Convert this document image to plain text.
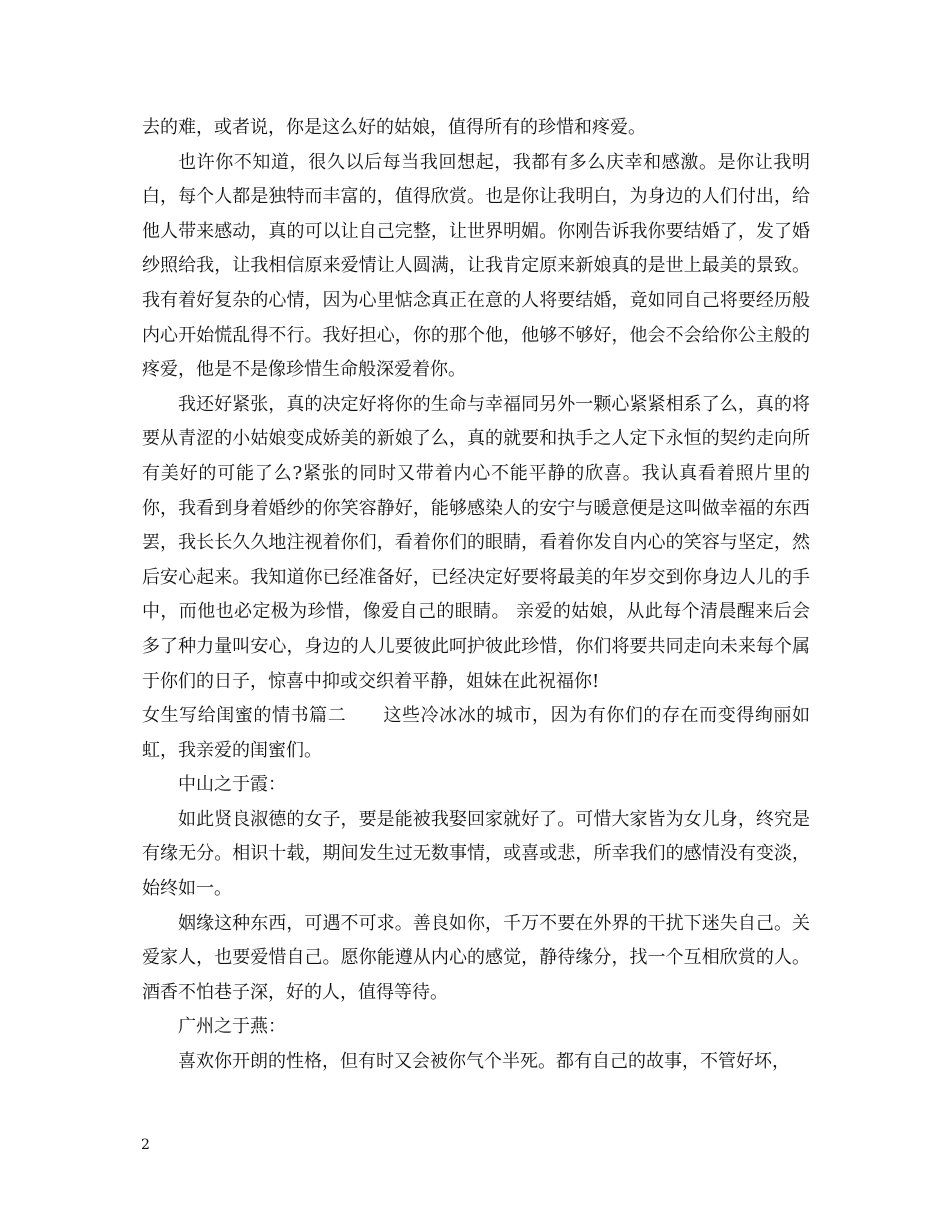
去的难，或者说，你是这么好的姑娘，值得所有的珍惜和疼爱。

也许你不知道，很久以后每当我回想起，我都有多么庆幸和感激。是你让我明白，每个人都是独特而丰富的，值得欣赏。也是你让我明白，为身边的人们付出，给他人带来感动，真的可以让自己完整，让世界明媚。你刚告诉我你要结婚了，发了婚纱照给我，让我相信原来爱情让人圆满，让我肯定原来新娘真的是世上最美的景致。 我有着好复杂的心情，因为心里惦念真正在意的人将要结婚，竟如同自己将要经历般内心开始慌乱得不行。我好担心，你的那个他，他够不够好，他会不会给你公主般的疼爱，他是不是像珍惜生命般深爱着你。

我还好紧张，真的决定好将你的生命与幸福同另外一颗心紧紧相系了么，真的将要从青涩的小姑娘变成娇美的新娘了么，真的就要和执手之人定下永恒的契约走向所有美好的可能了么?紧张的同时又带着内心不能平静的欣喜。我认真看着照片里的你，我看到身着婚纱的你笑容静好，能够感染人的安宁与暖意便是这叫做幸福的东西罢，我长长久久地注视着你们，看着你们的眼睛，看着你发自内心的笑容与坚定，然后安心起来。我知道你已经准备好，已经决定好要将最美的年岁交到你身边人儿的手中，而他也必定极为珍惜，像爱自己的眼睛。 亲爱的姑娘，从此每个清晨醒来后会多了种力量叫安心，身边的人儿要彼此呵护彼此珍惜，你们将要共同走向未来每个属于你们的日子，惊喜中抑或交织着平静，姐妹在此祝福你!

女生写给闺蜜的情书篇二　　这些冷冰冰的城市，因为有你们的存在而变得绚丽如虹，我亲爱的闺蜜们。

中山之于霞：

如此贤良淑德的女子，要是能被我娶回家就好了。可惜大家皆为女儿身，终究是有缘无分。相识十载，期间发生过无数事情，或喜或悲，所幸我们的感情没有变淡，始终如一。

姻缘这种东西，可遇不可求。善良如你，千万不要在外界的干扰下迷失自己。关爱家人，也要爱惜自己。愿你能遵从内心的感觉，静待缘分，找一个互相欣赏的人。酒香不怕巷子深，好的人，值得等待。

广州之于燕：

喜欢你开朗的性格，但有时又会被你气个半死。都有自己的故事，不管好坏，

2
